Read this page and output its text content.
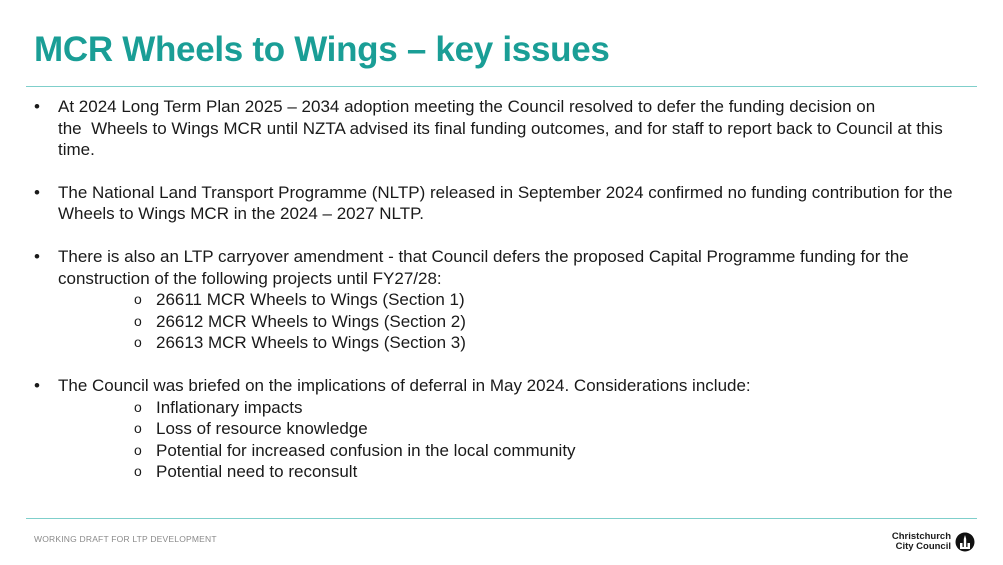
MCR Wheels to Wings – key issues
•	At 2024 Long Term Plan 2025 – 2034 adoption meeting the Council resolved to defer the funding decision on the  Wheels to Wings MCR until NZTA advised its final funding outcomes, and for staff to report back to Council at this time.
•	The National Land Transport Programme (NLTP) released in September 2024 confirmed no funding contribution for the Wheels to Wings MCR in the 2024 – 2027 NLTP.
•	There is also an LTP carryover amendment - that Council defers the proposed Capital Programme funding for the construction of the following projects until FY27/28:
o 26611 MCR Wheels to Wings (Section 1)
o 26612 MCR Wheels to Wings (Section 2)
o 26613 MCR Wheels to Wings (Section 3)
•	The Council was briefed on the implications of deferral in May 2024. Considerations include:
o Inflationary impacts
o Loss of resource knowledge
o Potential for increased confusion in the local community
o Potential need to reconsult
WORKING DRAFT FOR LTP DEVELOPMENT	Christchurch
City Council
